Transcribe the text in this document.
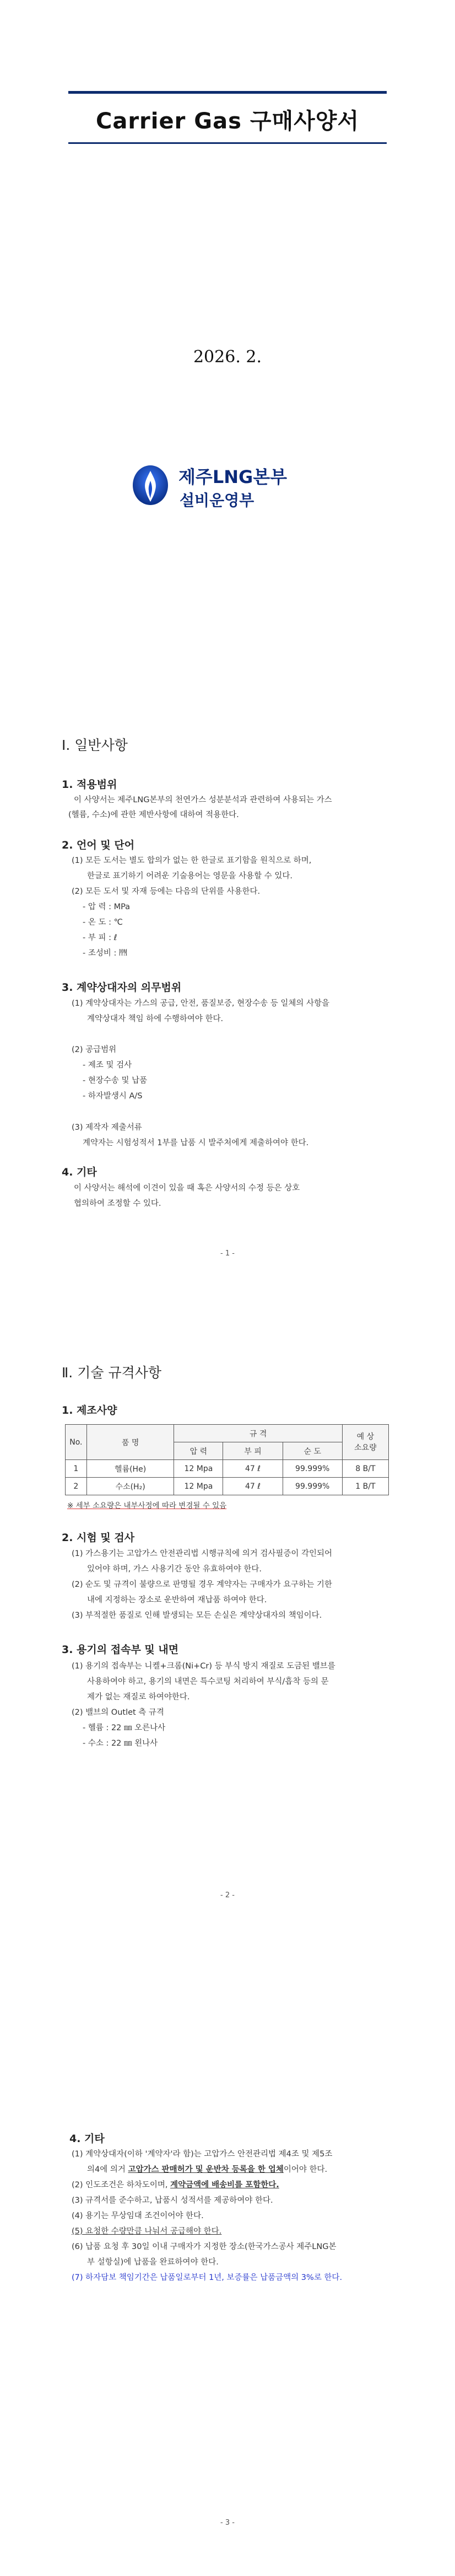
Carrier Gas 구매사양서
2026. 2.
제주LNG본부
설비운영부
Ⅰ. 일반사항
1. 적용범위
이 사양서는 제주LNG본부의 천연가스 성분분석과 관련하여 사용되는 가스
(헬륨, 수소)에 관한 제반사항에 대하여 적용한다.
2. 언어 및 단어
(1) 모든 도서는 별도 합의가 없는 한 한글로 표기함을 원칙으로 하며,
한글로 표기하기 어려운 기술용어는 영문을 사용할 수 있다.
(2) 모든 도서 및 자재 등에는 다음의 단위를 사용한다.
- 압 력 : MPa
- 온 도 : ℃
- 부 피 : ℓ
- 조성비 : ㏙
3. 계약상대자의 의무범위
(1) 계약상대자는 가스의 공급, 안전, 품질보증, 현장수송 등 일체의 사항을
계약상대자 책임 하에 수행하여야 한다.
(2) 공급범위
- 제조 및 검사
- 현장수송 및 납품
- 하자발생시 A/S
(3) 제작자 제출서류
계약자는 시험성적서 1부를 납품 시 발주처에게 제출하여야 한다.
4. 기타
이 사양서는 해석에 이견이 있을 때 혹은 사양서의 수정 등은 상호
협의하여 조정할 수 있다.
- 1 -
Ⅱ. 기술 규격사항
1. 제조사양
No.	품 명	규 격			예 상
소요량
		압 력	부 피	순 도	
1	헬륨(He)	12 Mpa	47 ℓ	99.999%	8 B/T
2	수소(H₂)	12 Mpa	47 ℓ	99.999%	1 B/T
※ 세부 소요량은 내부사정에 따라 변경될 수 있음
2. 시험 및 검사
(1) 가스용기는 고압가스 안전관리법 시행규칙에 의거 검사필증이 각인되어
있어야 하며, 가스 사용기간 동안 유효하여야 한다.
(2) 순도 및 규격이 불량으로 판명될 경우 계약자는 구매자가 요구하는 기한
내에 지정하는 장소로 운반하여 재납품 하여야 한다.
(3) 부적절한 품질로 인해 발생되는 모든 손실은 계약상대자의 책임이다.
3. 용기의 접속부 및 내면
(1) 용기의 접속부는 니켈+크롬(Ni+Cr) 등 부식 방지 재질로 도금된 밸브를
사용하여야 하고, 용기의 내면은 특수코팅 처리하여 부식/흡착 등의 문
제가 없는 재질로 하여야한다.
(2) 밸브의 Outlet 측 규격
- 헬륨 : 22 ㎜ 오른나사
- 수소 : 22 ㎜ 왼나사
- 2 -
4. 기타
(1) 계약상대자(이하 '계약자'라 함)는 고압가스 안전관리법 제4조 및 제5조
의4에 의거 고압가스 판매허가 및 운반차 등록을 한 업체이어야 한다.
(2) 인도조건은 하차도이며, 계약금액에 배송비를 포함한다.
(3) 규격서를 준수하고, 납품시 성적서를 제공하여야 한다.
(4) 용기는 무상임대 조건이어야 한다.
(5) 요청한 수량만큼 나눠서 공급해야 한다.
(6) 납품 요청 후 30일 이내 구매자가 지정한 장소(한국가스공사 제주LNG본
부 설항실)에 납품을 완료하여야 한다.
(7) 하자담보 책임기간은 납품일로부터 1년, 보증률은 납품금액의 3%로 한다.
- 3 -
